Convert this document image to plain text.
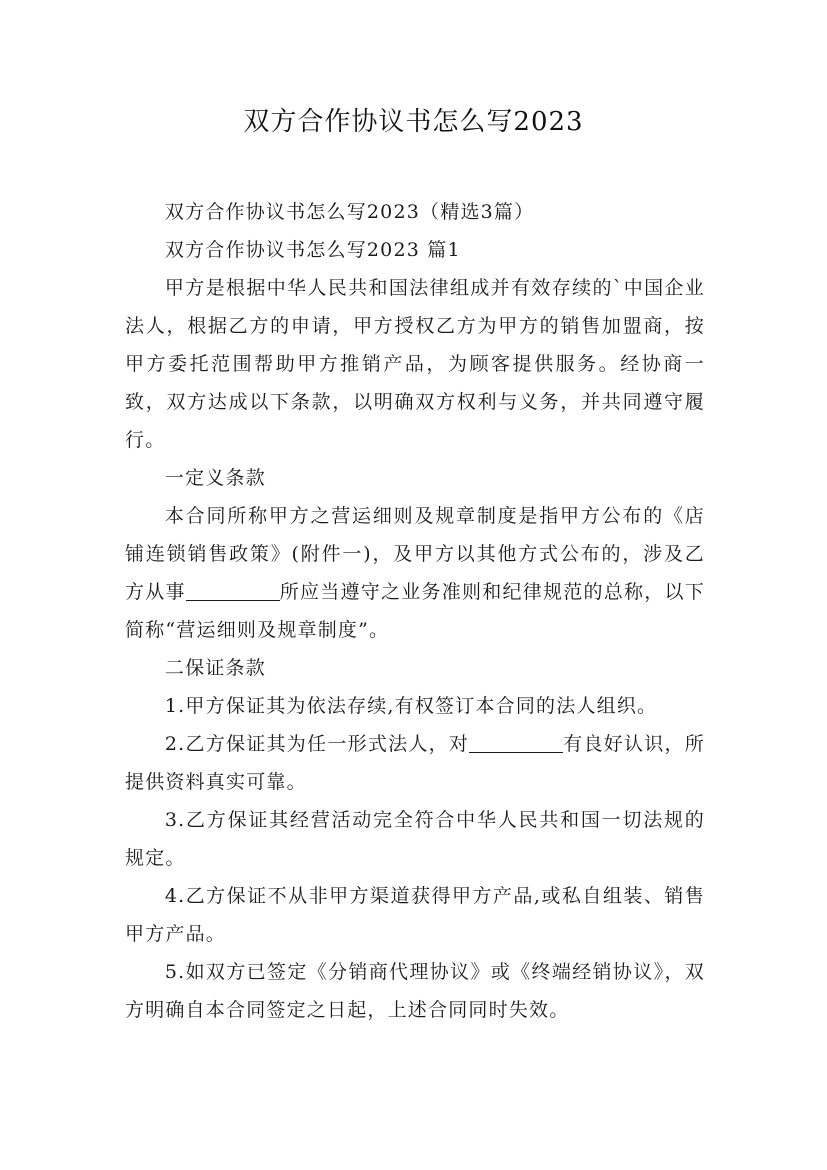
双方合作协议书怎么写2023

双方合作协议书怎么写2023（精选3篇）

双方合作协议书怎么写2023 篇1

甲方是根据中华人民共和国法律组成并有效存续的`中国企业法人，根据乙方的申请，甲方授权乙方为甲方的销售加盟商，按甲方委托范围帮助甲方推销产品，为顾客提供服务。经协商一致，双方达成以下条款，以明确双方权利与义务，并共同遵守履行。

一定义条款

本合同所称甲方之营运细则及规章制度是指甲方公布的《店铺连锁销售政策》(附件一)，及甲方以其他方式公布的，涉及乙方从事	所应当遵守之业务准则和纪律规范的总称，以下简称“营运细则及规章制度”。

二保证条款

1.甲方保证其为依法存续,有权签订本合同的法人组织。

2.乙方保证其为任一形式法人，对	有良好认识，所提供资料真实可靠。

3.乙方保证其经营活动完全符合中华人民共和国一切法规的规定。

4.乙方保证不从非甲方渠道获得甲方产品,或私自组装、销售甲方产品。

5.如双方已签定《分销商代理协议》或《终端经销协议》，双方明确自本合同签定之日起，上述合同同时失效。
